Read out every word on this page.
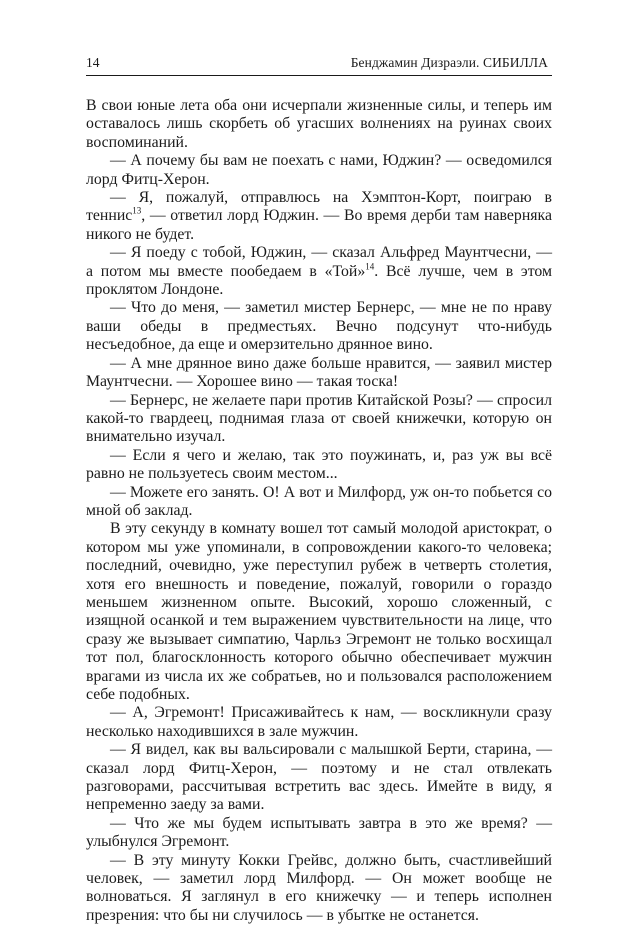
14	Бенджамин Дизраэли. СИБИЛЛА

В свои юные лета оба они исчерпали жизненные силы, и теперь им оставалось лишь скорбеть об угасших волнениях на руинах своих воспоминаний.

— А почему бы вам не поехать с нами, Юджин? — осведомился лорд Фитц-Херон.

— Я, пожалуй, отправлюсь на Хэмптон-Корт, поиграю в теннис$^{13}$, — ответил лорд Юджин. — Во время дерби там наверняка никого не будет.

— Я поеду с тобой, Юджин, — сказал Альфред Маунтчесни, — а потом мы вместе пообедаем в «Той»$^{14}$. Всё лучше, чем в этом проклятом Лондоне.

— Что до меня, — заметил мистер Бернерс, — мне не по нраву ваши обеды в предместьях. Вечно подсунут что-нибудь несъедобное, да еще и омерзительно дрянное вино.

— А мне дрянное вино даже больше нравится, — заявил мистер Маунтчесни. — Хорошее вино — такая тоска!

— Бернерс, не желаете пари против Китайской Розы? — спросил какой-то гвардеец, поднимая глаза от своей книжечки, которую он внимательно изучал.

— Если я чего и желаю, так это поужинать, и, раз уж вы всё равно не пользуетесь своим местом...

— Можете его занять. О! А вот и Милфорд, уж он-то побьется со мной об заклад.

В эту секунду в комнату вошел тот самый молодой аристократ, о котором мы уже упоминали, в сопровождении какого-то человека; последний, очевидно, уже переступил рубеж в четверть столетия, хотя его внешность и поведение, пожалуй, говорили о гораздо меньшем жизненном опыте. Высокий, хорошо сложенный, с изящной осанкой и тем выражением чувствительности на лице, что сразу же вызывает симпатию, Чарльз Эгремонт не только восхищал тот пол, благосклонность которого обычно обеспечивает мужчин врагами из числа их же собратьев, но и пользовался расположением себе подобных.

— А, Эгремонт! Присаживайтесь к нам, — воскликнули сразу несколько находившихся в зале мужчин.

— Я видел, как вы вальсировали с малышкой Берти, старина, — сказал лорд Фитц-Херон, — поэтому и не стал отвлекать разговорами, рассчитывая встретить вас здесь. Имейте в виду, я непременно заеду за вами.

— Что же мы будем испытывать завтра в это же время? — улыбнулся Эгремонт.

— В эту минуту Кокки Грейвс, должно быть, счастливейший человек, — заметил лорд Милфорд. — Он может вообще не волноваться. Я заглянул в его книжечку — и теперь исполнен презрения: что бы ни случилось — в убытке не останется.
